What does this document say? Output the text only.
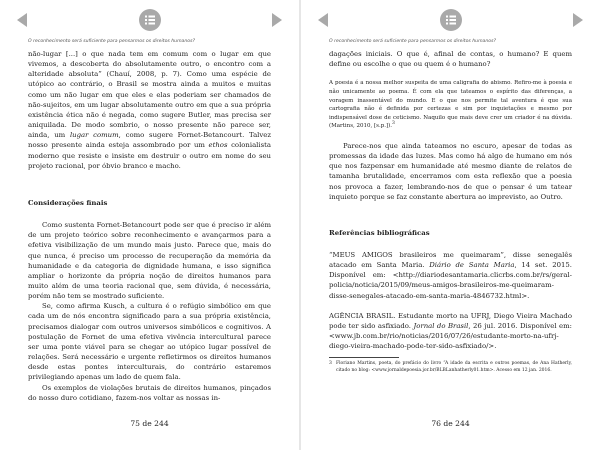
O reconhecimento será suficiente para pensarmos os direitos humanos?

não-lugar [...] o que nada tem em comum com o lugar em que vivemos, a descoberta do absolutamente outro, o encontro com a alteridade absoluta” (Chauí, 2008, p. 7). Como uma espécie de utópico ao contrário, o Brasil se mostra ainda a muitos e muitas como um não lugar em que eles e elas poderiam ser chamados de não-sujeitos, em um lugar absolutamente outro em que a sua própria existência ética não é negada, como sugere Butler, mas precisa ser aniquilada. De modo sombrio, o nosso presente não parece ser, ainda, um lugar comum, como sugere Fornet-Betancourt. Talvez nosso presente ainda esteja assombrado por um ethos colonialista moderno que resiste e insiste em destruir o outro em nome do seu projeto racional, por óbvio branco e macho.

Considerações finais

Como sustenta Fornet-Betancourt pode ser que é preciso ir além de um projeto teórico sobre reconhecimento e avançarmos para a efetiva visibilização de um mundo mais justo. Parece que, mais do que nunca, é preciso um processo de recuperação da memória da humanidade e da categoria de dignidade humana, e isso significa ampliar o horizonte da própria noção de direitos humanos para muito além de uma teoria racional que, sem dúvida, é necessária, porém não tem se mostrado suficiente.

Se, como afirma Kusch, a cultura é o refúgio simbólico em que cada um de nós encontra significado para a sua própria existência, precisamos dialogar com outros universos simbólicos e cognitivos. A postulação de Fornet de uma efetiva vivência intercultural parece ser uma ponte viável para se chegar ao utópico lugar possível de relações. Será necessário e urgente refletirmos os direitos humanos desde estas pontes interculturais, do contrário estaremos privilegiando apenas um lado de quem fala.

Os exemplos de violações brutais de direitos humanos, pinçados do nosso duro cotidiano, fazem-nos voltar as nossas in-

75 de 244
O reconhecimento será suficiente para pensarmos os direitos humanos?

dagações iniciais. O que é, afinal de contas, o humano? E quem define ou escolhe o que ou quem é o humano?

A poesia é a nossa melhor suspeita de uma caligrafia do abismo. Refiro-me à poesia e não unicamente ao poema. É com ela que tateamos o espírito das diferenças, a voragem inassentável do mundo. E o que nos permite tal aventura é que sua cartografia não é definida por certezas e sim por inquietações e mesmo por indispensável dose de ceticismo. Naquilo que mais deve crer um criador é na dúvida. (Martins, 2010, [s.p.]).$^3$

Parece-nos que ainda tateamos no escuro, apesar de todas as promessas da idade das luzes. Mas como há algo de humano em nós que nos fazpensar em humanidade até mesmo diante de relatos de tamanha brutalidade, encerramos com esta reflexão que a poesia nos provoca a fazer, lembrando-nos de que o pensar é um tatear inquieto porque se faz constante abertura ao imprevisto, ao Outro.

Referências bibliográficas

“MEUS AMIGOS brasileiros me queimaram”, disse senegalês atacado em Santa Maria. Diário de Santa Maria, 14 set. 2015. Disponível em: <http://diariodesantamaria.clicrbs.com.br/rs/geral-policia/noticia/2015/09/meus-amigos-brasileiros-me-queimaram-disse-senegales-atacado-em-santa-maria-4846732.html>.

AGÊNCIA BRASIL. Estudante morto na UFRJ, Diego Vieira Machado pode ter sido asfixiado. Jornal do Brasil, 26 jul. 2016. Disponível em: <www.jb.com.br/rio/noticias/2016/07/26/estudante-morto-na-ufrj-diego-vieira-machado-pode-ter-sido-asfixiado/>.

3 Floriano Martins, poeta, do prefácio do livro “A idade da escrita e outros poemas, de Ana Hatherly, citado no blog: <www.jornaldepoesia.jor.br/BLBLanhatherly01.htm>. Acesso em 12 jan. 2016.

76 de 244
